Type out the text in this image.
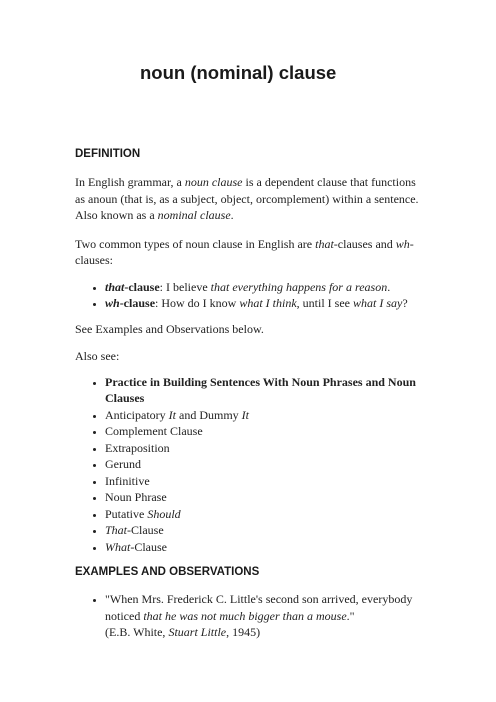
noun (nominal) clause
DEFINITION

In English grammar, a noun clause is a dependent clause that functions as anoun (that is, as a subject, object, orcomplement) within a sentence. Also known as a nominal clause.

Two common types of noun clause in English are that-clauses and wh-clauses:

• that-clause: I believe that everything happens for a reason.
• wh-clause: How do I know what I think, until I see what I say?

See Examples and Observations below.

Also see:

• Practice in Building Sentences With Noun Phrases and Noun Clauses
• Anticipatory It and Dummy It
• Complement Clause
• Extraposition
• Gerund
• Infinitive
• Noun Phrase
• Putative Should
• That-Clause
• What-Clause
EXAMPLES AND OBSERVATIONS
• "When Mrs. Frederick C. Little's second son arrived, everybody noticed that he was not much bigger than a mouse."
(E.B. White, Stuart Little, 1945)
